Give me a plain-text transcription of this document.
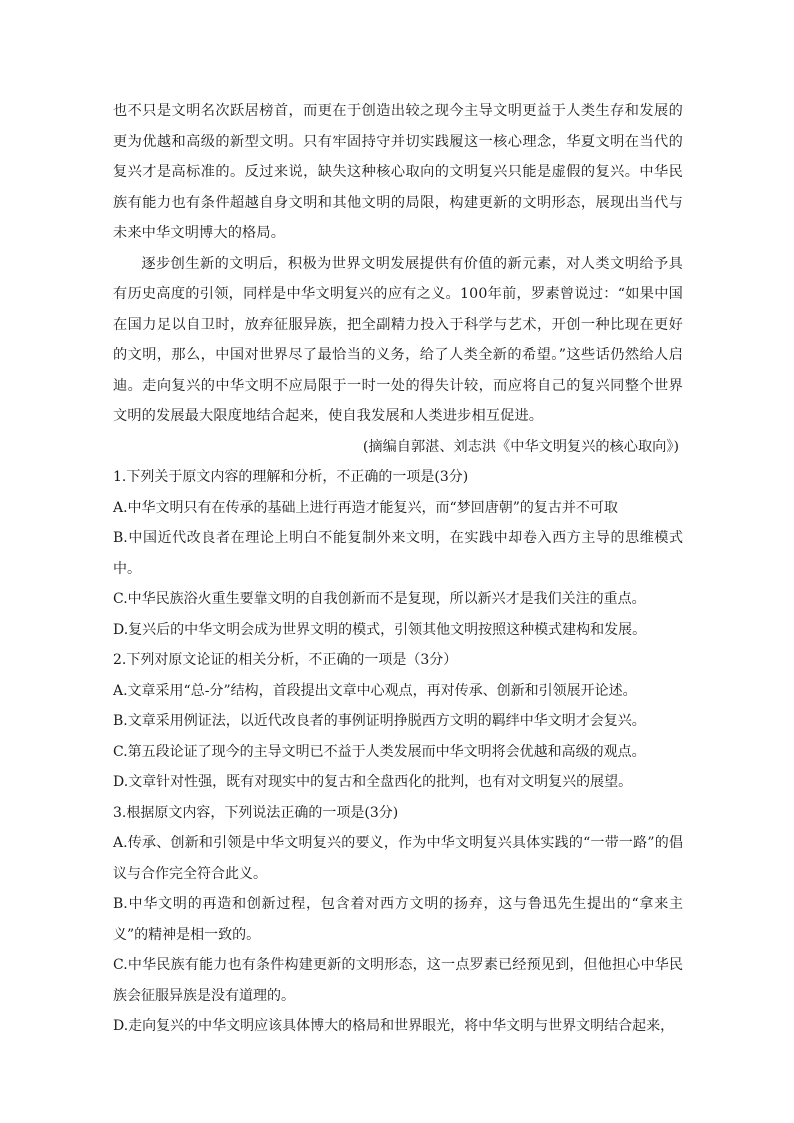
也不只是文明名次跃居榜首，而更在于创造出较之现今主导文明更益于人类生存和发展的更为优越和高级的新型文明。只有牢固持守并切实践履这一核心理念，华夏文明在当代的复兴才是高标准的。反过来说，缺失这种核心取向的文明复兴只能是虚假的复兴。中华民族有能力也有条件超越自身文明和其他文明的局限，构建更新的文明形态，展现出当代与未来中华文明博大的格局。

逐步创生新的文明后，积极为世界文明发展提供有价值的新元素，对人类文明给予具有历史高度的引领，同样是中华文明复兴的应有之义。100年前，罗素曾说过：“如果中国在国力足以自卫时，放弃征服异族，把全副精力投入于科学与艺术，开创一种比现在更好的文明，那么，中国对世界尽了最恰当的义务，给了人类全新的希望。”这些话仍然给人启迪。走向复兴的中华文明不应局限于一时一处的得失计较，而应将自己的复兴同整个世界文明的发展最大限度地结合起来，使自我发展和人类进步相互促进。

(摘编自郭湛、刘志洪《中华文明复兴的核心取向》)

1.下列关于原文内容的理解和分析，不正确的一项是(3分)

A.中华文明只有在传承的基础上进行再造才能复兴，而“梦回唐朝”的复古并不可取

B.中国近代改良者在理论上明白不能复制外来文明，在实践中却卷入西方主导的思维模式中。

C.中华民族浴火重生要靠文明的自我创新而不是复现，所以新兴才是我们关注的重点。

D.复兴后的中华文明会成为世界文明的模式，引领其他文明按照这种模式建构和发展。

2.下列对原文论证的相关分析，不正确的一项是（3分）

A.文章采用“总-分”结构，首段提出文章中心观点，再对传承、创新和引领展开论述。

B.文章采用例证法，以近代改良者的事例证明挣脱西方文明的羁绊中华文明才会复兴。

C.第五段论证了现今的主导文明已不益于人类发展而中华文明将会优越和高级的观点。

D.文章针对性强，既有对现实中的复古和全盘西化的批判，也有对文明复兴的展望。

3.根据原文内容，下列说法正确的一项是(3分)

A.传承、创新和引领是中华文明复兴的要义，作为中华文明复兴具体实践的“一带一路”的倡议与合作完全符合此义。

B.中华文明的再造和创新过程，包含着对西方文明的扬弃，这与鲁迅先生提出的“拿来主义”的精神是相一致的。

C.中华民族有能力也有条件构建更新的文明形态，这一点罗素已经预见到，但他担心中华民族会征服异族是没有道理的。

D.走向复兴的中华文明应该具体博大的格局和世界眼光，将中华文明与世界文明结合起来，
